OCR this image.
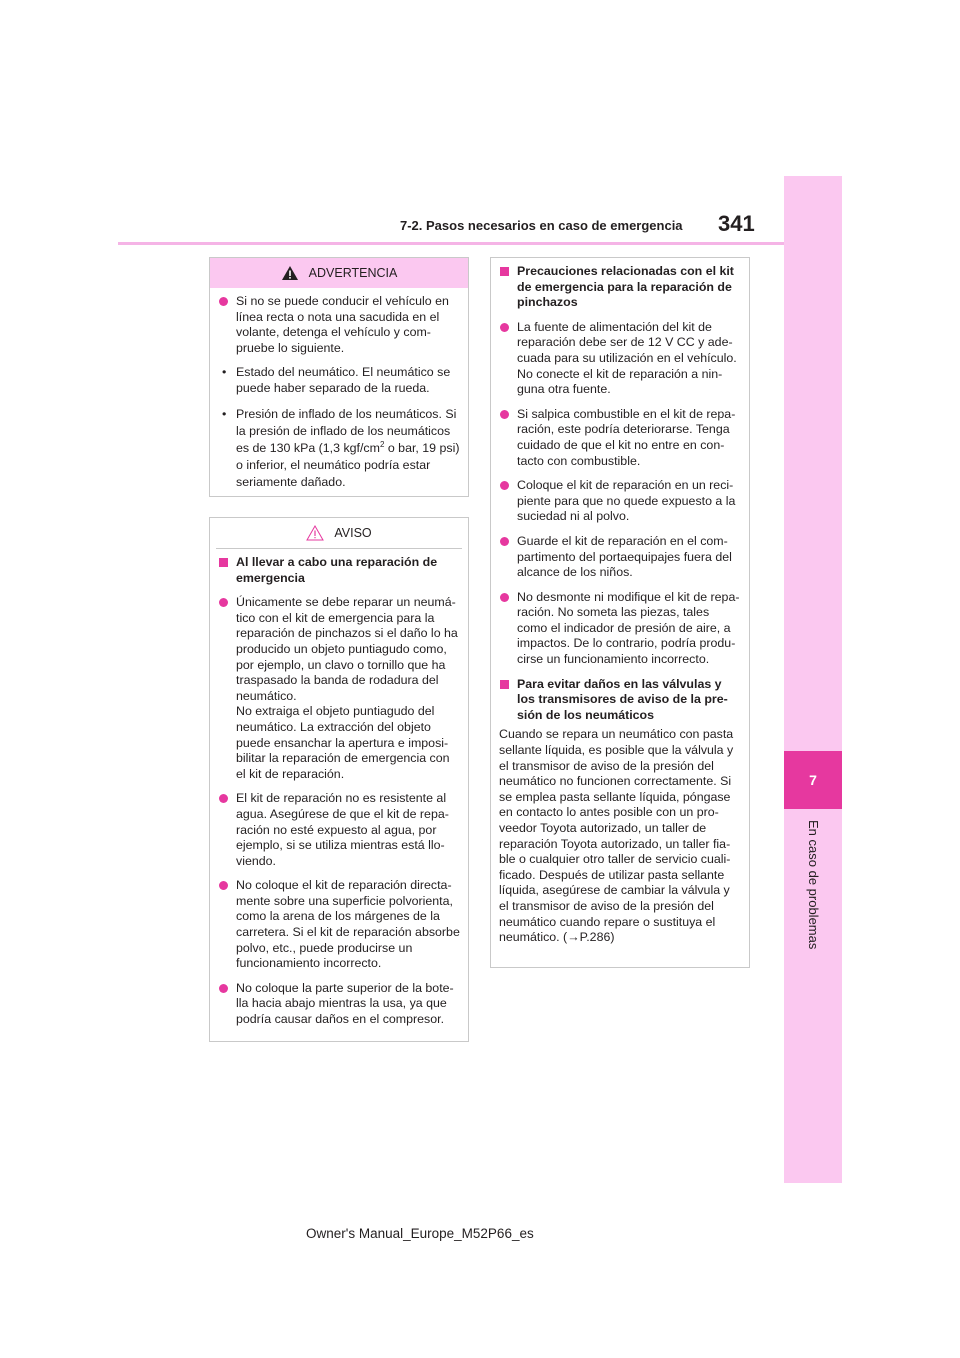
7-2. Pasos necesarios en caso de emergencia 341
7
En caso de problemas
ADVERTENCIA
Si no se puede conducir el vehículo en línea recta o nota una sacudida en el volante, detenga el vehículo y com-pruebe lo siguiente.
• Estado del neumático. El neumático se puede haber separado de la rueda.
• Presión de inflado de los neumáticos. Si la presión de inflado de los neumáticos es de 130 kPa (1,3 kgf/$cm^2$ o bar, 19 psi) o inferior, el neumático podría estar seriamente dañado.
AVISO
Al llevar a cabo una reparación de emergencia
Únicamente se debe reparar un neumá-tico con el kit de emergencia para la reparación de pinchazos si el daño lo ha producido un objeto puntiagudo como, por ejemplo, un clavo o tornillo que ha traspasado la banda de rodadura del neumático.
No extraiga el objeto puntiagudo del neumático. La extracción del objeto puede ensanchar la apertura e imposi-bilitar la reparación de emergencia con el kit de reparación.
El kit de reparación no es resistente al agua. Asegúrese de que el kit de repa-ración no esté expuesto al agua, por ejemplo, si se utiliza mientras está llo-viendo.
No coloque el kit de reparación directa-mente sobre una superficie polvorienta, como la arena de los márgenes de la carretera. Si el kit de reparación absorbe polvo, etc., puede producirse un funcionamiento incorrecto.
No coloque la parte superior de la bote-lla hacia abajo mientras la usa, ya que podría causar daños en el compresor.
Precauciones relacionadas con el kit de emergencia para la reparación de pinchazos
La fuente de alimentación del kit de reparación debe ser de 12 V CC y ade-cuada para su utilización en el vehículo. No conecte el kit de reparación a nin-guna otra fuente.
Si salpica combustible en el kit de repa-ración, este podría deteriorarse. Tenga cuidado de que el kit no entre en con-tacto con combustible.
Coloque el kit de reparación en un reci-piente para que no quede expuesto a la suciedad ni al polvo.
Guarde el kit de reparación en el com-partimento del portaequipajes fuera del alcance de los niños.
No desmonte ni modifique el kit de repa-ración. No someta las piezas, tales como el indicador de presión de aire, a impactos. De lo contrario, podría produ-cirse un funcionamiento incorrecto.
Para evitar daños en las válvulas y los transmisores de aviso de la pre-sión de los neumáticos
Cuando se repara un neumático con pasta sellante líquida, es posible que la válvula y el transmisor de aviso de la presión del neumático no funcionen correctamente. Si se emplea pasta sellante líquida, póngase en contacto lo antes posible con un pro-veedor Toyota autorizado, un taller de reparación Toyota autorizado, un taller fia-ble o cualquier otro taller de servicio cuali-ficado. Después de utilizar pasta sellante líquida, asegúrese de cambiar la válvula y el transmisor de aviso de la presión del neumático cuando repare o sustituya el neumático. (→P.286)
Owner's Manual_Europe_M52P66_es
